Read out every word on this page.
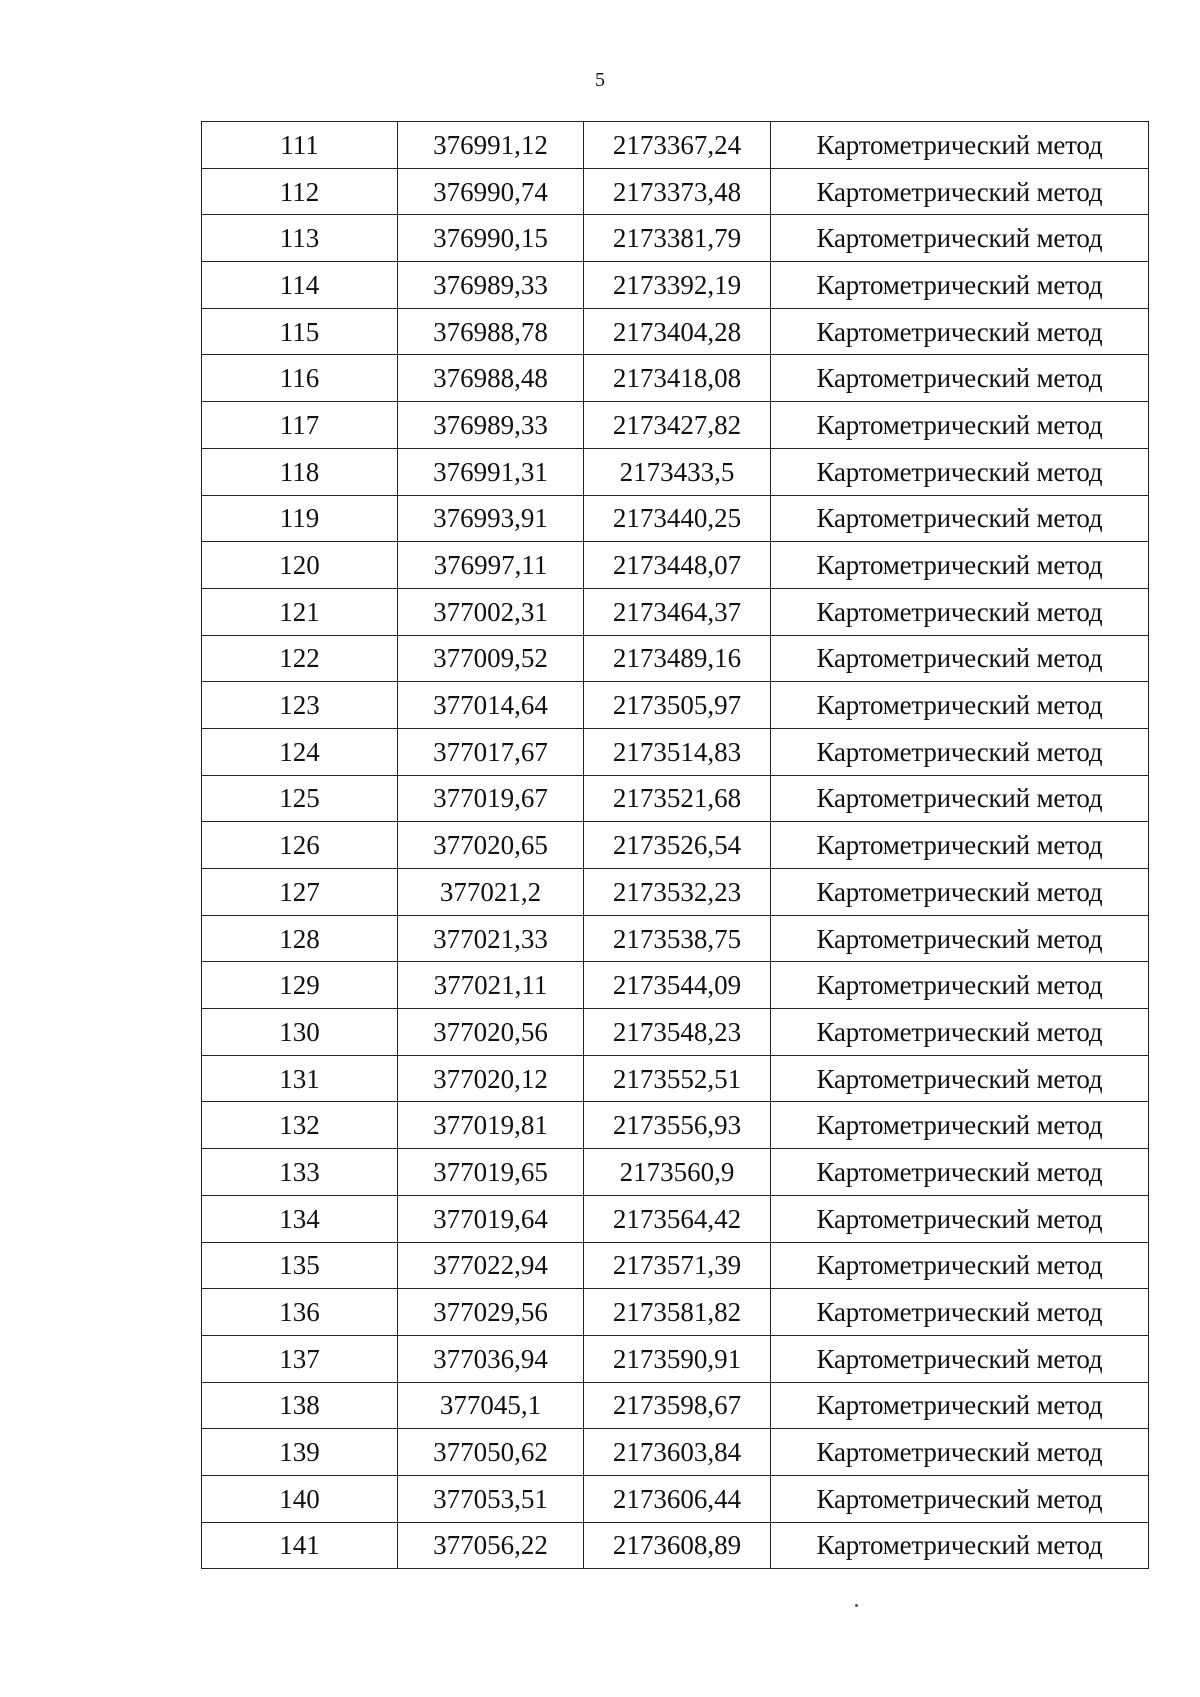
5
111	376991,12	2173367,24	Картометрический метод
112	376990,74	2173373,48	Картометрический метод
113	376990,15	2173381,79	Картометрический метод
114	376989,33	2173392,19	Картометрический метод
115	376988,78	2173404,28	Картометрический метод
116	376988,48	2173418,08	Картометрический метод
117	376989,33	2173427,82	Картометрический метод
118	376991,31	2173433,5	Картометрический метод
119	376993,91	2173440,25	Картометрический метод
120	376997,11	2173448,07	Картометрический метод
121	377002,31	2173464,37	Картометрический метод
122	377009,52	2173489,16	Картометрический метод
123	377014,64	2173505,97	Картометрический метод
124	377017,67	2173514,83	Картометрический метод
125	377019,67	2173521,68	Картометрический метод
126	377020,65	2173526,54	Картометрический метод
127	377021,2	2173532,23	Картометрический метод
128	377021,33	2173538,75	Картометрический метод
129	377021,11	2173544,09	Картометрический метод
130	377020,56	2173548,23	Картометрический метод
131	377020,12	2173552,51	Картометрический метод
132	377019,81	2173556,93	Картометрический метод
133	377019,65	2173560,9	Картометрический метод
134	377019,64	2173564,42	Картометрический метод
135	377022,94	2173571,39	Картометрический метод
136	377029,56	2173581,82	Картометрический метод
137	377036,94	2173590,91	Картометрический метод
138	377045,1	2173598,67	Картометрический метод
139	377050,62	2173603,84	Картометрический метод
140	377053,51	2173606,44	Картометрический метод
141	377056,22	2173608,89	Картометрический метод
